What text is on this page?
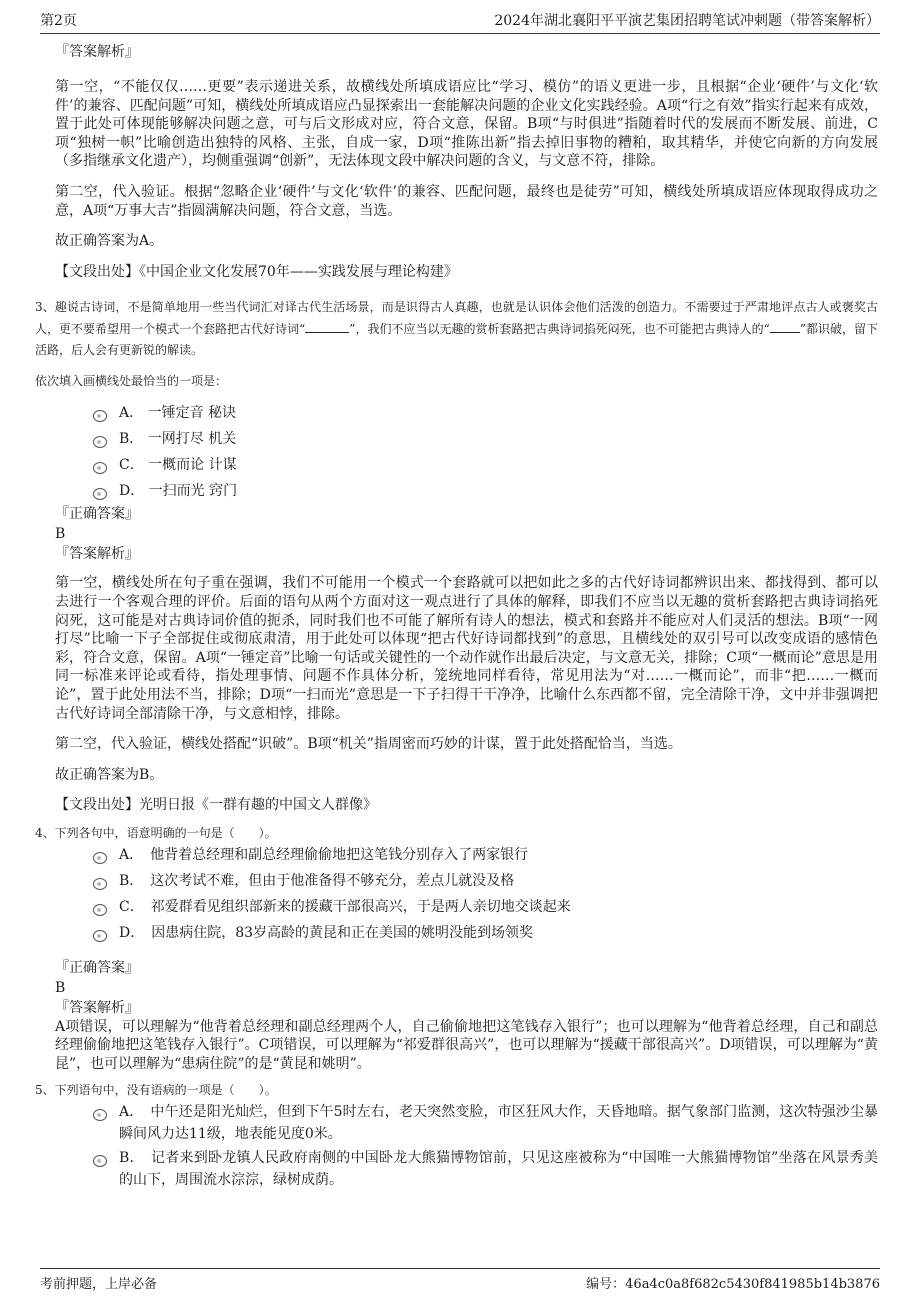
第2页	2024年湖北襄阳平平演艺集团招聘笔试冲刺题（带答案解析）
『答案解析』

第一空，“不能仅仅……更要”表示递进关系，故横线处所填成语应比“学习、模仿”的语义更进一步，且根据“企业‘硬件’与文化‘软件’的兼容、匹配问题”可知，横线处所填成语应凸显探索出一套能解决问题的企业文化实践经验。A项“行之有效”指实行起来有成效，置于此处可体现能够解决问题之意，可与后文形成对应，符合文意，保留。B项“与时俱进”指随着时代的发展而不断发展、前进，C项“独树一帜”比喻创造出独特的风格、主张，自成一家，D项“推陈出新”指去掉旧事物的糟粕，取其精华，并使它向新的方向发展（多指继承文化遗产），均侧重强调“创新”，无法体现文段中解决问题的含义，与文意不符，排除。

第二空，代入验证。根据“忽略企业‘硬件’与文化‘软件’的兼容、匹配问题，最终也是徒劳”可知，横线处所填成语应体现取得成功之意，A项“万事大吉”指圆满解决问题，符合文意，当选。

故正确答案为A。

【文段出处】《中国企业文化发展70年——实践发展与理论构建》

3、趣说古诗词，不是简单地用一些当代词汇对译古代生活场景，而是识得古人真趣，也就是认识体会他们活泼的创造力。不需要过于严肃地评点古人或褒奖古人，更不要希望用一个模式一个套路把古代好诗词“	”，我们不应当以无趣的赏析套路把古典诗词掐死闷死，也不可能把古典诗人的“	”都识破，留下活路，后人会有更新锐的解读。

依次填入画横线处最恰当的一项是：

A． 一锤定音 秘诀
B． 一网打尽 机关
C． 一概而论 计谋
D． 一扫而光 窍门
『正确答案』
B
『答案解析』

第一空，横线处所在句子重在强调，我们不可能用一个模式一个套路就可以把如此之多的古代好诗词都辨识出来、都找得到、都可以去进行一个客观合理的评价。后面的语句从两个方面对这一观点进行了具体的解释，即我们不应当以无趣的赏析套路把古典诗词掐死闷死，这可能是对古典诗词价值的扼杀，同时我们也不可能了解所有诗人的想法，模式和套路并不能应对人们灵活的想法。B项“一网打尽”比喻一下子全部捉住或彻底肃清，用于此处可以体现“把古代好诗词都找到”的意思，且横线处的双引号可以改变成语的感情色彩，符合文意，保留。A项“一锤定音”比喻一句话或关键性的一个动作就作出最后决定，与文意无关，排除；C项“一概而论”意思是用同一标准来评论或看待，指处理事情、问题不作具体分析，笼统地同样看待，常见用法为“对……一概而论”，而非“把……一概而论”，置于此处用法不当，排除；D项“一扫而光”意思是一下子扫得干干净净，比喻什么东西都不留，完全清除干净，文中并非强调把古代好诗词全部清除干净，与文意相悖，排除。

第二空，代入验证，横线处搭配“识破”。B项“机关”指周密而巧妙的计谋，置于此处搭配恰当，当选。

故正确答案为B。

【文段出处】光明日报《一群有趣的中国文人群像》

4、下列各句中，语意明确的一句是（　　）。

A．　 他背着总经理和副总经理偷偷地把这笔钱分别存入了两家银行
B．　 这次考试不难，但由于他准备得不够充分，差点儿就没及格
C．　 祁爱群看见组织部新来的援藏干部很高兴，于是两人亲切地交谈起来
D．　 因患病住院，83岁高龄的黄昆和正在美国的姚明没能到场领奖
『正确答案』
B
『答案解析』

A项错误，可以理解为“他背着总经理和副总经理两个人，自己偷偷地把这笔钱存入银行”；也可以理解为“他背着总经理，自己和副总经理偷偷地把这笔钱存入银行”。C项错误，可以理解为“祁爱群很高兴”，也可以理解为“援藏干部很高兴”。D项错误，可以理解为“黄昆”，也可以理解为“患病住院”的是“黄昆和姚明”。

5、下列语句中，没有语病的一项是（　　）。

A．　 中午还是阳光灿烂，但到下午5时左右，老天突然变脸，市区狂风大作，天昏地暗。据气象部门监测，这次特强沙尘暴瞬间风力达11级，地表能见度0米。
B．　 记者来到卧龙镇人民政府南侧的中国卧龙大熊猫博物馆前，只见这座被称为“中国唯一大熊猫博物馆”坐落在风景秀美的山下，周围流水淙淙，绿树成荫。
考前押题，上岸必备	编号：46a4c0a8f682c5430f841985b14b3876
